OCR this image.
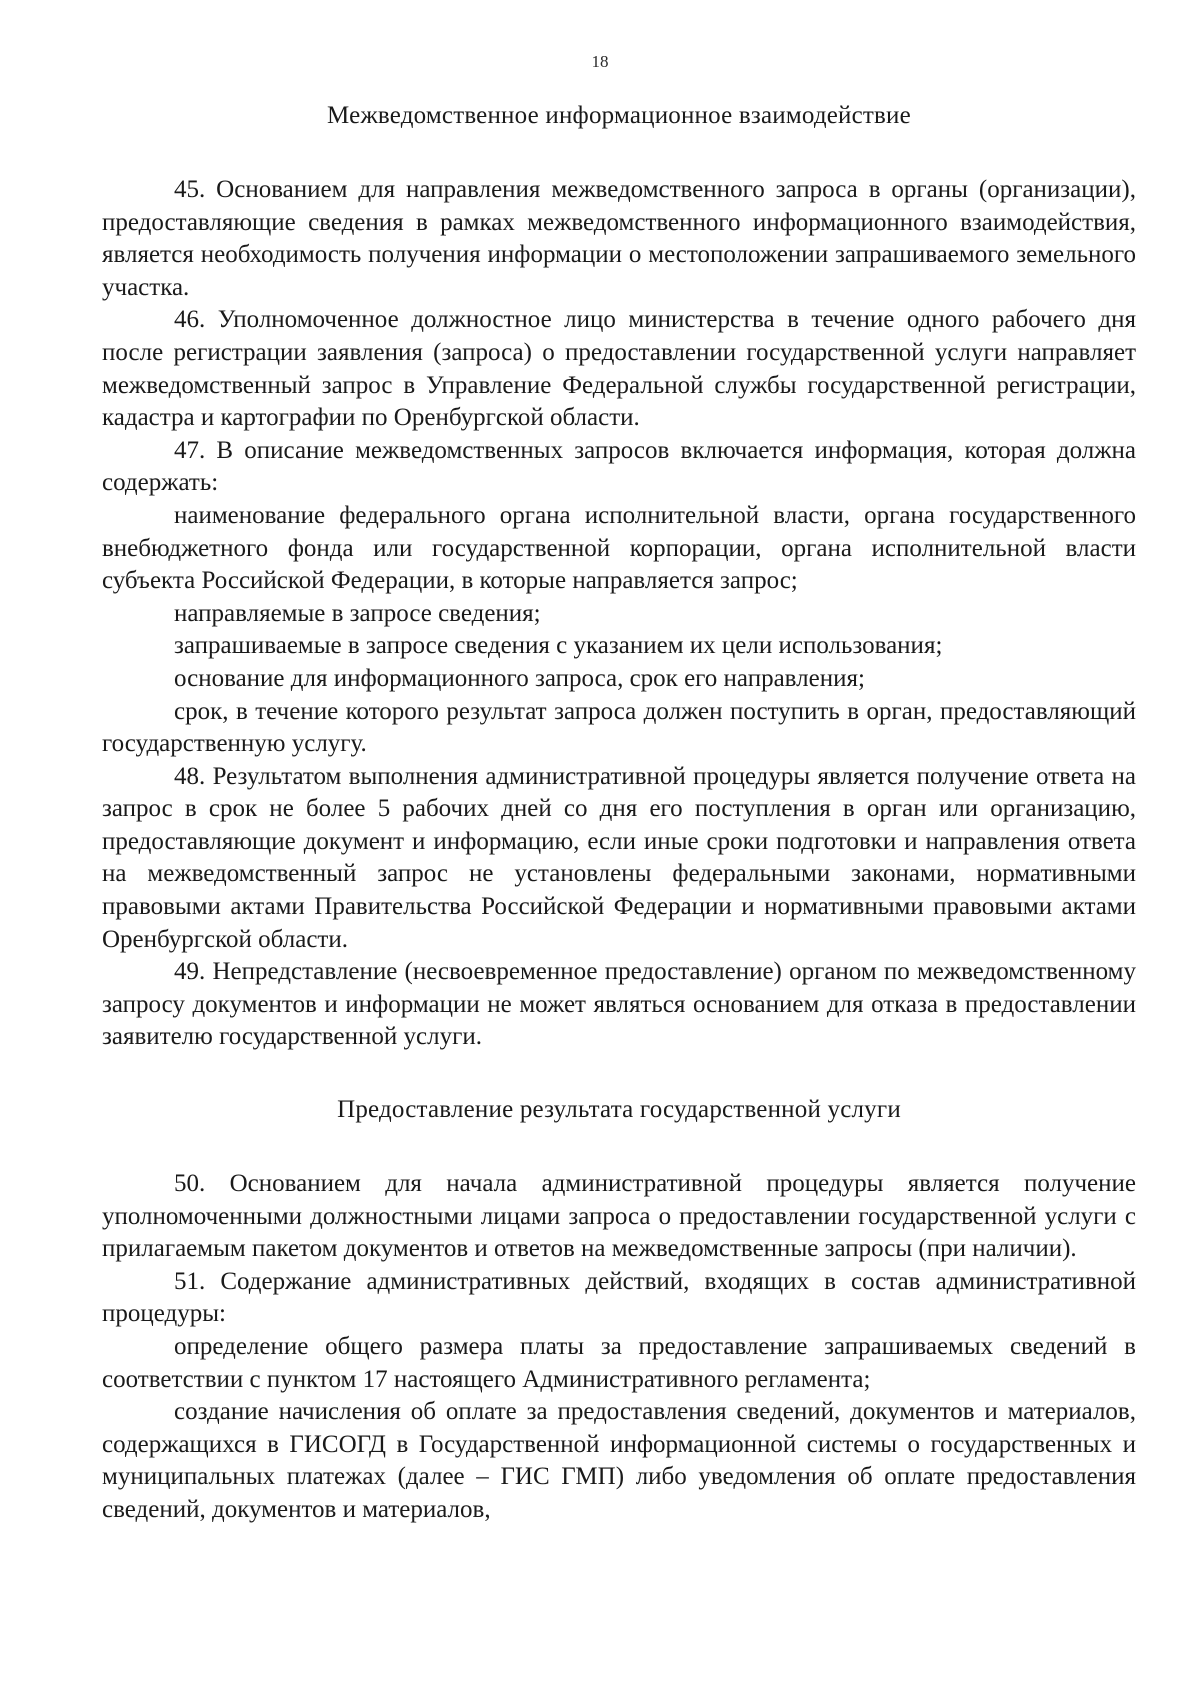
18
Межведомственное информационное взаимодействие

45. Основанием для направления межведомственного запроса в органы (организации), предоставляющие сведения в рамках межведомственного информационного взаимодействия, является необходимость получения информации о местоположении запрашиваемого земельного участка.

46. Уполномоченное должностное лицо министерства в течение одного рабочего дня после регистрации заявления (запроса) о предоставлении государственной услуги направляет межведомственный запрос в Управление Федеральной службы государственной регистрации, кадастра и картографии по Оренбургской области.

47. В описание межведомственных запросов включается информация, которая должна содержать:

наименование федерального органа исполнительной власти, органа государственного внебюджетного фонда или государственной корпорации, органа исполнительной власти субъекта Российской Федерации, в которые направляется запрос;

направляемые в запросе сведения;

запрашиваемые в запросе сведения с указанием их цели использования;

основание для информационного запроса, срок его направления;

срок, в течение которого результат запроса должен поступить в орган, предоставляющий государственную услугу.

48. Результатом выполнения административной процедуры является получение ответа на запрос в срок не более 5 рабочих дней со дня его поступления в орган или организацию, предоставляющие документ и информацию, если иные сроки подготовки и направления ответа на межведомственный запрос не установлены федеральными законами, нормативными правовыми актами Правительства Российской Федерации и нормативными правовыми актами Оренбургской области.

49. Непредставление (несвоевременное предоставление) органом по межведомственному запросу документов и информации не может являться основанием для отказа в предоставлении заявителю государственной услуги.

Предоставление результата государственной услуги

50. Основанием для начала административной процедуры является получение уполномоченными должностными лицами запроса о предоставлении государственной услуги с прилагаемым пакетом документов и ответов на межведомственные запросы (при наличии).

51. Содержание административных действий, входящих в состав административной процедуры:

определение общего размера платы за предоставление запрашиваемых сведений в соответствии с пунктом 17 настоящего Административного регламента;

создание начисления об оплате за предоставления сведений, документов и материалов, содержащихся в ГИСОГД в Государственной информационной системы о государственных и муниципальных платежах (далее – ГИС ГМП) либо уведомления об оплате предоставления сведений, документов и материалов,
